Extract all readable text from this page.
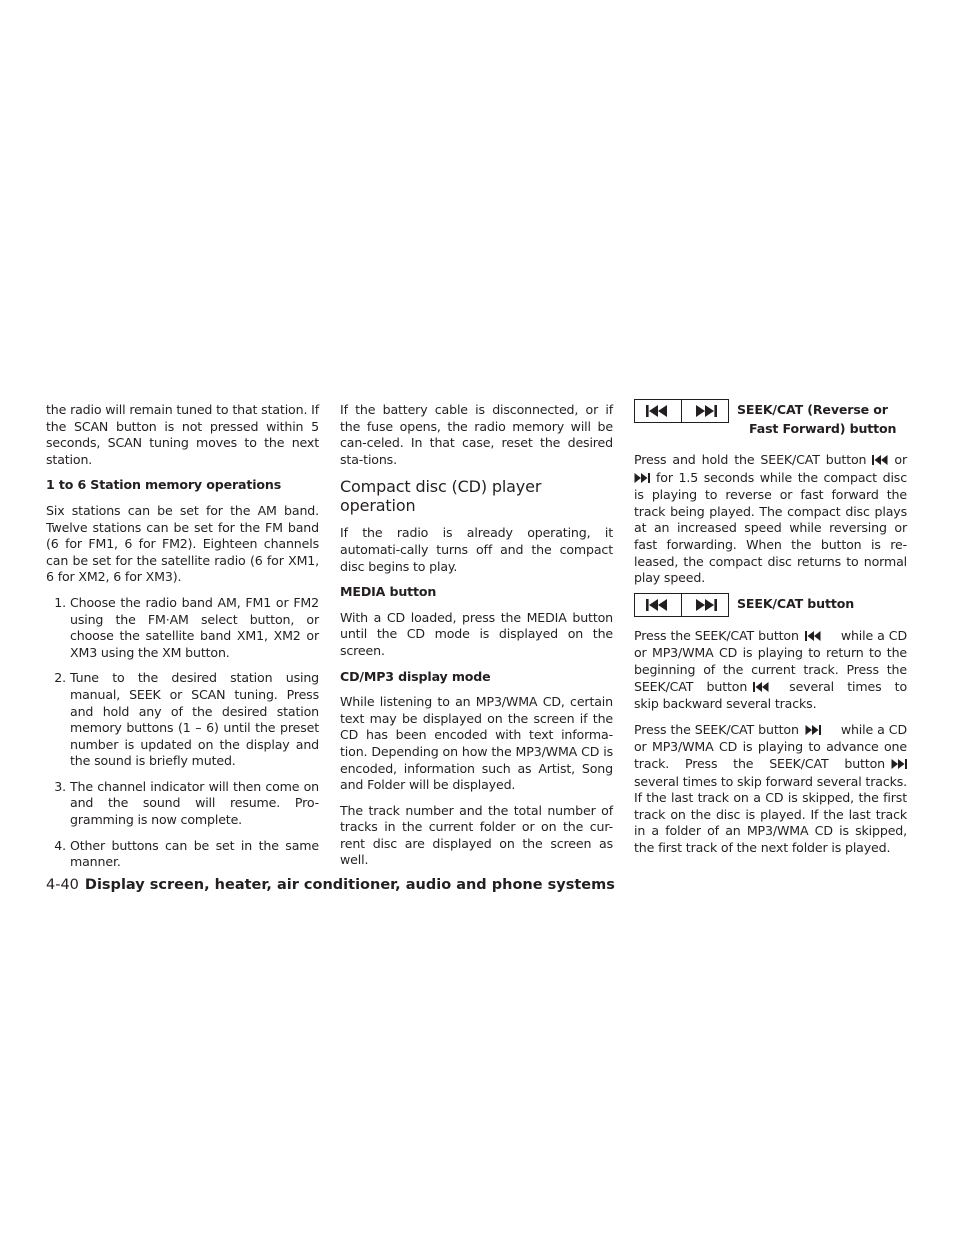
the radio will remain tuned to that station. If the SCAN button is not pressed within 5 seconds, SCAN tuning moves to the next station.

1 to 6 Station memory operations

Six stations can be set for the AM band. Twelve stations can be set for the FM band (6 for FM1, 6 for FM2). Eighteen channels can be set for the satellite radio (6 for XM1, 6 for XM2, 6 for XM3).

1. Choose the radio band AM, FM1 or FM2 using the FM·AM select button, or choose the satellite band XM1, XM2 or XM3 using the XM button.
2. Tune to the desired station using manual, SEEK or SCAN tuning. Press and hold any of the desired station memory buttons (1 – 6) until the preset number is updated on the display and the sound is briefly muted.
3. The channel indicator will then come on and the sound will resume. Pro-gramming is now complete.
4. Other buttons can be set in the same manner.

If the battery cable is disconnected, or if the fuse opens, the radio memory will be can-celed. In that case, reset the desired sta-tions.

Compact disc (CD) player operation

If the radio is already operating, it automati-cally turns off and the compact disc begins to play.

MEDIA button

With a CD loaded, press the MEDIA button until the CD mode is displayed on the screen.

CD/MP3 display mode

While listening to an MP3/WMA CD, certain text may be displayed on the screen if the CD has been encoded with text informa-tion. Depending on how the MP3/WMA CD is encoded, information such as Artist, Song and Folder will be displayed.

The track number and the total number of tracks in the current folder or on the cur-rent disc are displayed on the screen as well.

SEEK/CAT (Reverse or
Fast Forward) button

Press and hold the SEEK/CAT button orfor 1.5 seconds while the compact disc is playing to reverse or fast forward the track being played. The compact disc plays at an increased speed while reversing or fast forwarding. When the button is re-leased, the compact disc returns to normal play speed.

SEEK/CAT button

Press the SEEK/CAT button	while a CD or MP3/WMA CD is playing to return to the beginning of the current track. Press the SEEK/CAT button	several times to skip backward several tracks.

Press the SEEK/CAT button	while a CD or MP3/WMA CD is playing to advance one track. Press the SEEK/CAT button several times to skip forward several tracks. If the last track on a CD is skipped, the first track on the disc is played. If the last track in a folder of an MP3/WMA CD is skipped, the first track of the next folder is played.

4-40 Display screen, heater, air conditioner, audio and phone systems
